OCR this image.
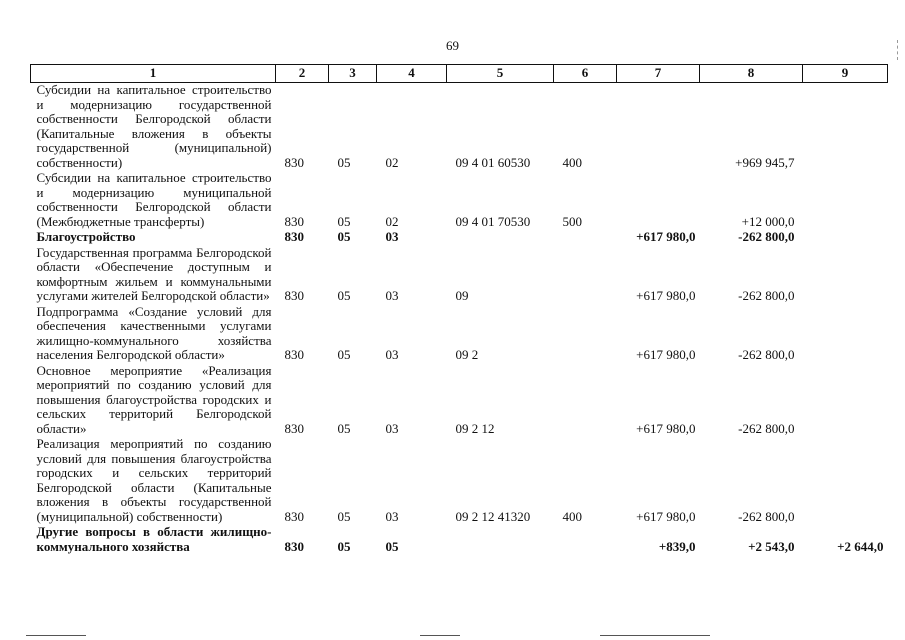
69
1	2	3	4	5	6	7	8	9
Субсидии на капитальное строительство и модернизацию государственной собственности Белгородской области (Капитальные вложения в объекты государственной (муниципальной) собственности)	830	05	02	09 4 01 60530	400		+969 945,7	
Субсидии на капитальное строительство и модернизацию муниципальной собственности Белгородской области (Межбюджетные трансферты)	830	05	02	09 4 01 70530	500		+12 000,0	
Благоустройство	830	05	03			+617 980,0	-262 800,0	
Государственная программа Белгородской области «Обеспечение доступным и комфортным жильем и коммунальными услугами жителей Белгородской области»	830	05	03	09		+617 980,0	-262 800,0	
Подпрограмма «Создание условий для обеспечения качественными услугами жилищно-коммунального хозяйства населения Белгородской области»	830	05	03	09 2		+617 980,0	-262 800,0	
Основное мероприятие «Реализация мероприятий по созданию условий для повышения благоустройства городских и сельских территорий Белгородской области»	830	05	03	09 2 12		+617 980,0	-262 800,0	
Реализация мероприятий по созданию условий для повышения благоустройства городских и сельских территорий Белгородской области (Капитальные вложения в объекты государственной (муниципальной) собственности)	830	05	03	09 2 12 41320	400	+617 980,0	-262 800,0	
Другие вопросы в области жилищно-коммунального хозяйства	830	05	05			+839,0	+2 543,0	+2 644,0
